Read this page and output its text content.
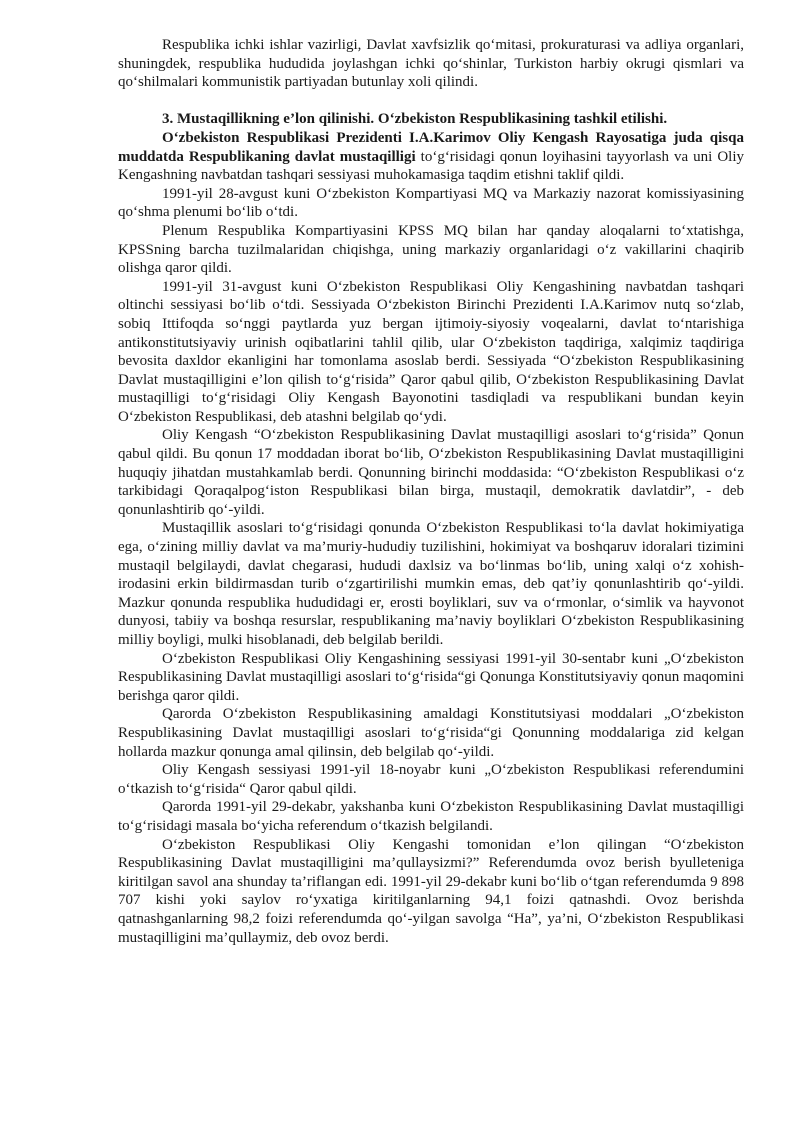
Respublika ichki ishlar vazirligi, Davlat xavfsizlik qo‘mitasi, prokuraturasi va adliya organlari, shuningdek, respublika hududida joylashgan ichki qo‘shinlar, Turkiston harbiy okrugi qismlari va qo‘shilmalari kommunistik partiyadan butunlay xoli qilindi.

3. Mustaqillikning e’lon qilinishi. O‘zbekiston Respublikasining tashkil etilishi.

O‘zbekiston Respublikasi Prezidenti I.A.Karimov Oliy Kengash Rayosatiga juda qisqa muddatda Respublikaning davlat mustaqilligi to‘g‘risidagi qonun loyihasini tayyorlash va uni Oliy Kengashning navbatdan tashqari sessiyasi muhokamasiga taqdim etishni taklif qildi.

1991-yil 28-avgust kuni O‘zbekiston Kompartiyasi MQ va Markaziy nazorat komissiyasining qo‘shma plenumi bo‘lib o‘tdi.

Plenum Respublika Kompartiyasini KPSS MQ bilan har qanday aloqalarni to‘xtatishga, KPSSning barcha tuzilmalaridan chiqishga, uning markaziy organlaridagi o‘z vakillarini chaqirib olishga qaror qildi.

1991-yil 31-avgust kuni O‘zbekiston Respublikasi Oliy Kengashining navbatdan tashqari oltinchi sessiyasi bo‘lib o‘tdi. Sessiyada O‘zbekiston Birinchi Prezidenti I.A.Karimov nutq so‘zlab, sobiq Ittifoqda so‘nggi paytlarda yuz bergan ijtimoiy-siyosiy voqealarni, davlat to‘ntarishiga antikonstitutsiyaviy urinish oqibatlarini tahlil qilib, ular O‘zbekiston taqdiriga, xalqimiz taqdiriga bevosita daxldor ekanligini har tomonlama asoslab berdi. Sessiyada “O‘zbekiston Respublikasining Davlat mustaqilligini e’lon qilish to‘g‘risida” Qaror qabul qilib, O‘zbekiston Respublikasining Davlat mustaqilligi to‘g‘risidagi Oliy Kengash Bayonotini tasdiqladi va respublikani bundan keyin O‘zbekiston Respublikasi, deb atashni belgilab qo‘ydi.

Oliy Kengash “O‘zbekiston Respublikasining Davlat mustaqilligi asoslari to‘g‘risida” Qonun qabul qildi. Bu qonun 17 moddadan iborat bo‘lib, O‘zbekiston Respublikasining Davlat mustaqilligini huquqiy jihatdan mustahkamlab berdi. Qonunning birinchi moddasida: “O‘zbekiston Respublikasi o‘z tarkibidagi Qoraqalpog‘iston Respublikasi bilan birga, mustaqil, demokratik davlatdir”, - deb qonunlashtirib qo‘-yildi.

Mustaqillik asoslari to‘g‘risidagi qonunda O‘zbekiston Respublikasi to‘la davlat hokimiyatiga ega, o‘zining milliy davlat va ma’muriy-hududiy tuzilishini, hokimiyat va boshqaruv idoralari tizimini mustaqil belgilaydi, davlat chegarasi, hududi daxlsiz va bo‘linmas bo‘lib, uning xalqi o‘z xohish-irodasini erkin bildirmasdan turib o‘zgartirilishi mumkin emas, deb qat’iy qonunlashtirib qo‘-yildi. Mazkur qonunda respublika hududidagi er, erosti boyliklari, suv va o‘rmonlar, o‘simlik va hayvonot dunyosi, tabiiy va boshqa resurslar, respublikaning ma’naviy boyliklari O‘zbekiston Respublikasining milliy boyligi, mulki hisoblanadi, deb belgilab berildi.

O‘zbekiston Respublikasi Oliy Kengashining sessiyasi 1991-yil 30-sentabr kuni „O‘zbekiston Respublikasining Davlat mustaqilligi asoslari to‘g‘risida“gi Qonunga Konstitutsiyaviy qonun maqomini berishga qaror qildi.

Qarorda O‘zbekiston Respublikasining amaldagi Konstitutsiyasi moddalari „O‘zbekiston Respublikasining Davlat mustaqilligi asoslari to‘g‘risida“gi Qonunning moddalariga zid kelgan hollarda mazkur qonunga amal qilinsin, deb belgilab qo‘-yildi.

Oliy Kengash sessiyasi 1991-yil 18-noyabr kuni „O‘zbekiston Respublikasi referendumini o‘tkazish to‘g‘risida“ Qaror qabul qildi.

Qarorda 1991-yil 29-dekabr, yakshanba kuni O‘zbekiston Respublikasining Davlat mustaqilligi to‘g‘risidagi masala bo‘yicha referendum o‘tkazish belgilandi.

O‘zbekiston Respublikasi Oliy Kengashi tomonidan e’lon qilingan “O‘zbekiston Respublikasining Davlat mustaqilligini ma’qullaysizmi?” Referendumda ovoz berish byulleteniga kiritilgan savol ana shunday ta’riflangan edi. 1991-yil 29-dekabr kuni bo‘lib o‘tgan referendumda 9 898 707 kishi yoki saylov ro‘yxatiga kiritilganlarning 94,1 foizi qatnashdi. Ovoz berishda qatnashganlarning 98,2 foizi referendumda qo‘-yilgan savolga “Ha”, ya’ni, O‘zbekiston Respublikasi mustaqilligini ma’qullaymiz, deb ovoz berdi.
